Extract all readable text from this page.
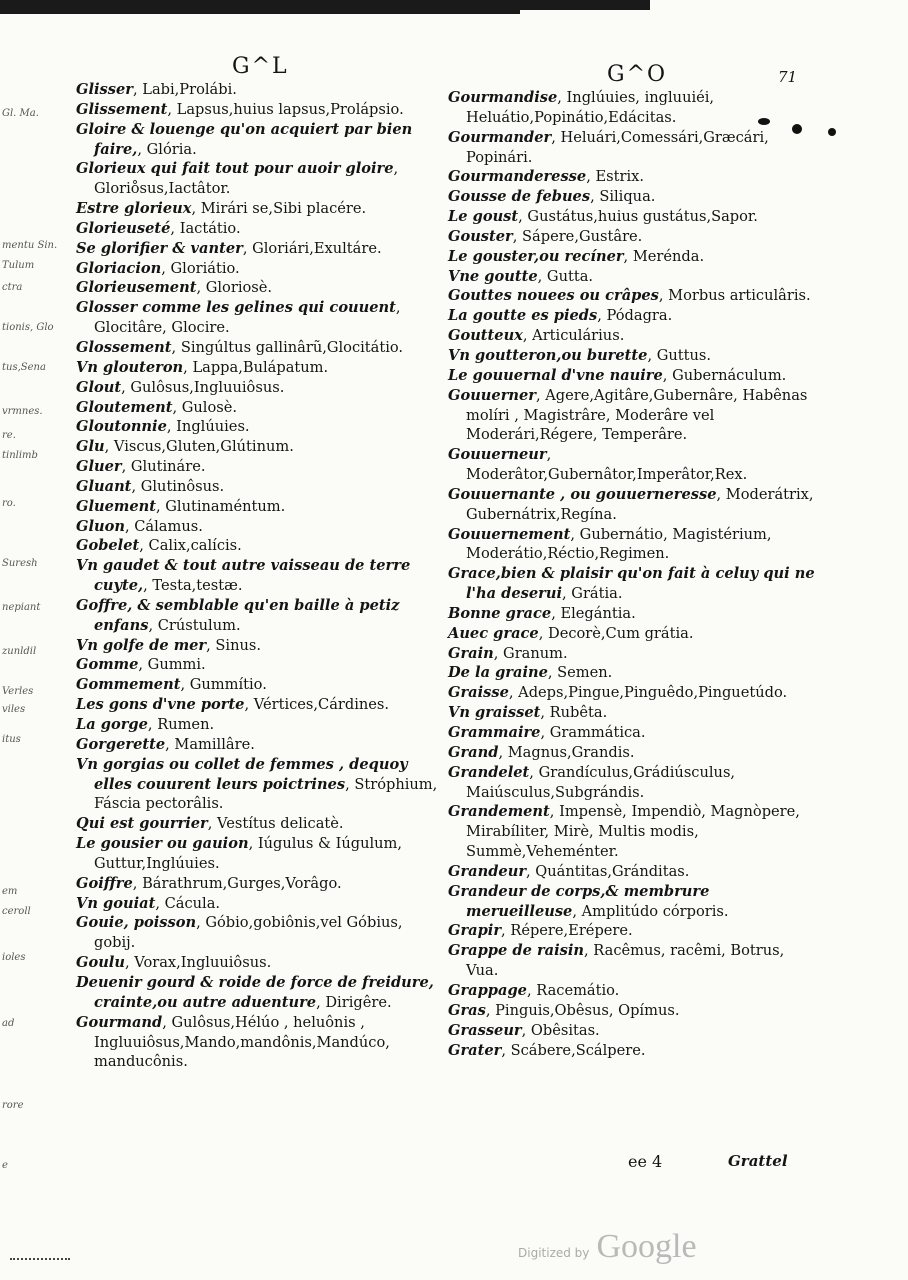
G^L	G^O	71
Gl. Ma.
mentu Sin.
Tulum
ctra
tionis, Glo
tus,Sena
vrmnes.
re.
tinlimb
ro.
Suresh
nepiant
zunldil
Verles
viles
itus
em
ceroll
ioles
ad
rore
e

Glisser, Labi,Prolábi.

Glissement, Lapsus,huius lapsus,Prolápsio.

Gloire & louenge qu'on acquiert par bien faire,, Glória.

Glorieux qui fait tout pour auoir gloire, Glorio̊sus,Iactâtor.

Estre glorieux, Mirári se,Sibi placére.

Glorieuseté, Iactátio.

Se glorifier & vanter, Gloriári,Exultáre.

Gloriacion, Gloriátio.

Glorieusement, Gloriosè.

Glosser comme les gelines qui couuent, Glocitâre, Glocire.

Glossement, Singúltus gallinârũ,Glocitátio.

Vn glouteron, Lappa,Bulápatum.

Glout, Gulôsus,Ingluuiôsus.

Gloutement, Gulosè.

Gloutonnie, Inglúuies.

Glu, Viscus,Gluten,Glútinum.

Gluer, Glutináre.

Gluant, Glutinôsus.

Gluement, Glutinaméntum.

Gluon, Cálamus.

Gobelet, Calix,calícis.

Vn gaudet & tout autre vaisseau de terre cuyte,, Testa,testæ.

Goffre, & semblable qu'en baille à petiz enfans, Crústulum.

Vn golfe de mer, Sinus.

Gomme, Gummi.

Gommement, Gummítio.

Les gons d'vne porte, Vértices,Cárdines.

La gorge, Rumen.

Gorgerette, Mamillâre.

Vn gorgias ou collet de femmes , dequoy elles couurent leurs poictrines, Stróphium, Fáscia pectorâlis.

Qui est gourrier, Vestítus delicatè.

Le gousier ou gauion, Iúgulus & Iúgulum, Guttur,Inglúuies.

Goiffre, Bárathrum,Gurges,Vorâgo.

Vn gouiat, Cácula.

Gouie, poisson, Góbio,gobiônis,vel Góbius, gobij.

Goulu, Vorax,Ingluuiôsus.

Deuenir gourd & roide de force de freidure, crainte,ou autre aduenture, Dirigêre.

Gourmand, Gulôsus,Hélúo , heluônis , Ingluuiôsus,Mando,mandônis,Mandúco, manducônis.

Gourmandise, Inglúuies, ingluuiéi, Heluátio,Popinátio,Edácitas.

Gourmander, Heluári,Comessári,Græcári, Popinári.

Gourmanderesse, Estrix.

Gousse de febues, Siliqua.

Le goust, Gustátus,huius gustátus,Sapor.

Gouster, Sápere,Gustâre.

Le gouster,ou recíner, Merénda.

Vne goutte, Gutta.

Gouttes nouees ou crâpes, Morbus articulâris.

La goutte es pieds, Pódagra.

Goutteux, Articulárius.

Vn goutteron,ou burette, Guttus.

Le gouuernal d'vne nauire, Gubernáculum.

Gouuerner, Agere,Agitâre,Gubernâre, Habênas molíri , Magistrâre, Moderâre vel Moderári,Régere, Temperâre.

Gouuerneur, Moderâtor,Gubernâtor,Imperâtor,Rex.

Gouuernante , ou gouuerneresse, Moderátrix, Gubernátrix,Regína.

Gouuernement, Gubernátio, Magistérium, Moderátio,Réctio,Regimen.

Grace,bien & plaisir qu'on fait à celuy qui ne l'ha deserui, Grátia.

Bonne grace, Elegántia.

Auec grace, Decorè,Cum grátia.

Grain, Granum.

De la graine, Semen.

Graisse, Adeps,Pingue,Pinguêdo,Pinguetúdo.

Vn graisset, Rubêta.

Grammaire, Grammática.

Grand, Magnus,Grandis.

Grandelet, Grandículus,Grádiúsculus, Maiúsculus,Subgrándis.

Grandement, Impensè, Impendiò, Magnòpere, Mirabíliter, Mirè, Multis modis, Summè,Veheménter.

Grandeur, Quántitas,Gránditas.

Grandeur de corps,& membrure merueilleuse, Amplitúdo córporis.

Grapir, Répere,Erépere.

Grappe de raisin, Racêmus, racêmi, Botrus, Vua.

Grappage, Racemátio.

Gras, Pinguis,Obêsus, Opímus.

Grasseur, Obêsitas.

Grater, Scábere,Scálpere.

ee 4	Grattel
Digitized by Google
